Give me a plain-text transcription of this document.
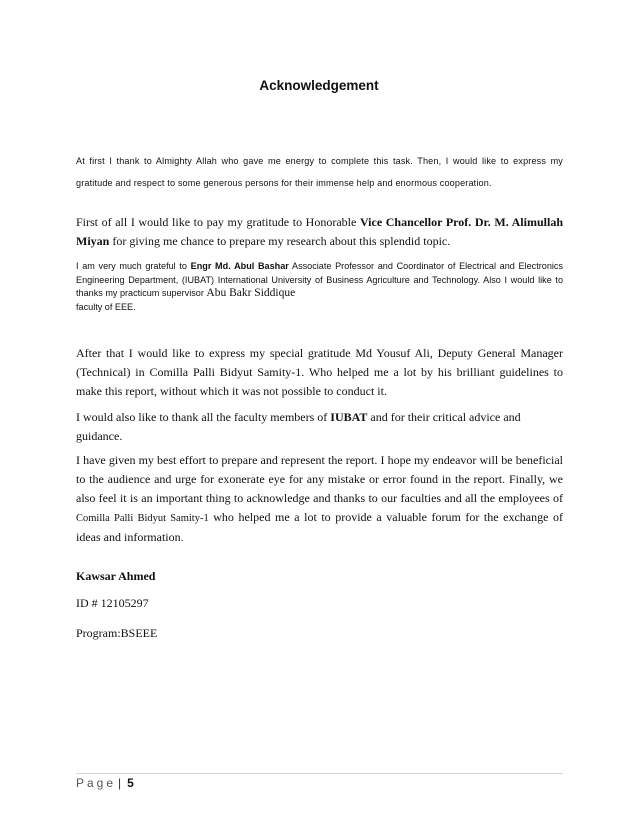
Acknowledgement

At first I thank to Almighty Allah who gave me energy to complete this task. Then, I would like to express my gratitude and respect to some generous persons for their immense help and enormous cooperation.

First of all I would like to pay my gratitude to Honorable Vice Chancellor Prof. Dr. M. Alimullah Miyan for giving me chance to prepare my research about this splendid topic.

I am very much grateful to Engr Md. Abul Bashar Associate Professor and Coordinator of Electrical and Electronics Engineering Department, (IUBAT) International University of Business Agriculture and Technology. Also I would like to thanks my practicum supervisor Abu Bakr Siddique
faculty of EEE.

After that I would like to express my special gratitude Md Yousuf Ali, Deputy General Manager (Technical) in Comilla Palli Bidyut Samity-1. Who helped me a lot by his brilliant guidelines to make this report, without which it was not possible to conduct it.

I would also like to thank all the faculty members of IUBAT and for their critical advice and guidance.

I have given my best effort to prepare and represent the report. I hope my endeavor will be beneficial to the audience and urge for exonerate eye for any mistake or error found in the report. Finally, we also feel it is an important thing to acknowledge and thanks to our faculties and all the employees of Comilla Palli Bidyut Samity-1 who helped me a lot to provide a valuable forum for the exchange of ideas and information.

Kawsar Ahmed
ID # 12105297
Program:BSEEE
Page | 5
